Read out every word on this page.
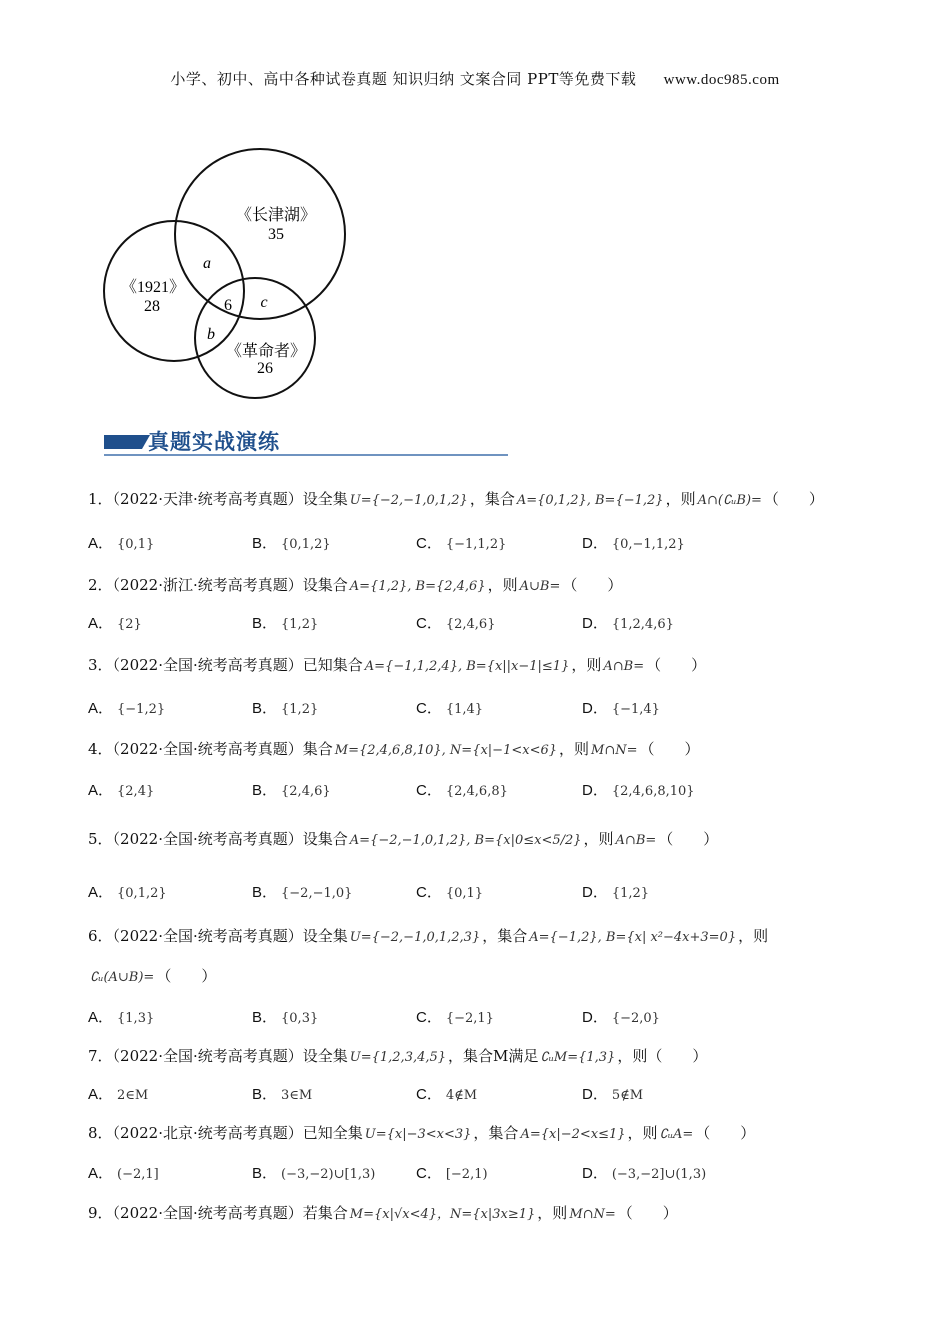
小学、初中、高中各种试卷真题 知识归纳 文案合同 PPT等免费下载 www.doc985.com
《长津湖》
35
《1921》
28
《革命者》
26
a
c
6
b
真题实战演练
1．（2022·天津·统考高考真题）设全集 U={−2,−1,0,1,2} ，集合 A={0,1,2}, B={−1,2} ，则 A∩(∁ᵤB)= （　　）
A． {0,1}	B． {0,1,2}	C． {−1,1,2}	D． {0,−1,1,2}
2．（2022·浙江·统考高考真题）设集合 A={1,2}, B={2,4,6} ，则 A∪B= （　　）
A． {2}	B． {1,2}	C． {2,4,6}	D． {1,2,4,6}
3．（2022·全国·统考高考真题）已知集合 A={−1,1,2,4}, B={x||x−1|≤1} ，则 A∩B= （　　）
A． {−1,2}	B． {1,2}	C． {1,4}	D． {−1,4}
4．（2022·全国·统考高考真题）集合 M={2,4,6,8,10}, N={x|−1<x<6} ，则 M∩N= （　　）
A． {2,4}	B． {2,4,6}	C． {2,4,6,8}	D． {2,4,6,8,10}
5．（2022·全国·统考高考真题）设集合 A={−2,−1,0,1,2}, B={x|0≤x<5/2} ，则 A∩B= （　　）
A． {0,1,2}	B． {−2,−1,0}	C． {0,1}	D． {1,2}
6．（2022·全国·统考高考真题）设全集 U={−2,−1,0,1,2,3} ，集合 A={−1,2}, B={x| x²−4x+3=0} ，则
∁ᵤ(A∪B)= （　　）
A． {1,3}	B． {0,3}	C． {−2,1}	D． {−2,0}
7．（2022·全国·统考高考真题）设全集 U={1,2,3,4,5} ，集合M满足 ∁ᵤM={1,3} ，则（　　）
A． 2∈M	B． 3∈M	C． 4∉M	D． 5∉M
8．（2022·北京·统考高考真题）已知全集 U={x|−3<x<3} ，集合 A={x|−2<x≤1} ，则 ∁ᵤA= （　　）
A． (−2,1]	B． (−3,−2)∪[1,3)	C． [−2,1)	D． (−3,−2]∪(1,3)
9．（2022·全国·统考高考真题）若集合 M={x|√x<4}，N={x|3x≥1} ，则 M∩N= （　　）
